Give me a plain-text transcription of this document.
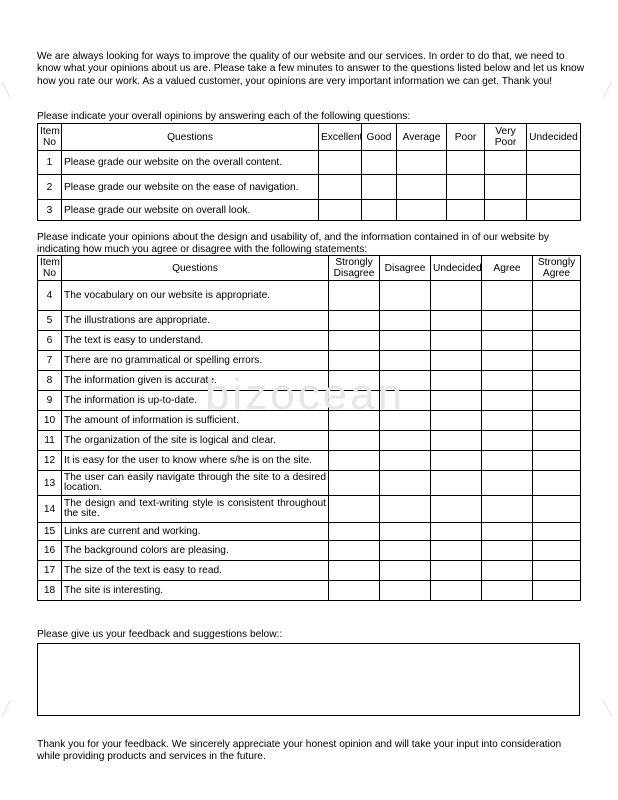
We are always looking for ways to improve the quality of our website and our services. In order to do that, we need to know what your opinions about us are. Please take a few minutes to answer to the questions listed below and let us know how you rate our work. As a valued customer, your opinions are very important information we can get. Thank you!

Please indicate your overall opinions by answering each of the following questions:

Item No	Questions	Excellent	Good	Average	Poor	Very Poor	Undecided
1	Please grade our website on the overall content.						
2	Please grade our website on the ease of navigation.						
3	Please grade our website on overall look.						

Please indicate your opinions about the design and usability of, and the information contained in of our website by indicating how much you agree or disagree with the following statements:

Item No	Questions	Strongly Disagree	Disagree	Undecided	Agree	Strongly Agree
4	The vocabulary on our website is appropriate.					
5	The illustrations are appropriate.					
6	The text is easy to understand.					
7	There are no grammatical or spelling errors.					
8	The information given is accurate.					
9	The information is up-to-date.					
10	The amount of information is sufficient.					
11	The organization of the site is logical and clear.					
12	It is easy for the user to know where s/he is on the site.					
13	The user can easily navigate through the site to a desired location.					
14	The design and text-writing style is consistent throughout the site.					
15	Links are current and working.					
16	The background colors are pleasing.					
17	The size of the text is easy to read.					
18	The site is interesting.					

Please give us your feedback and suggestions below::

Thank you for your feedback. We sincerely appreciate your honest opinion and will take your input into consideration while providing products and services in the future.

bizocean
╲	╱
╱	╲
